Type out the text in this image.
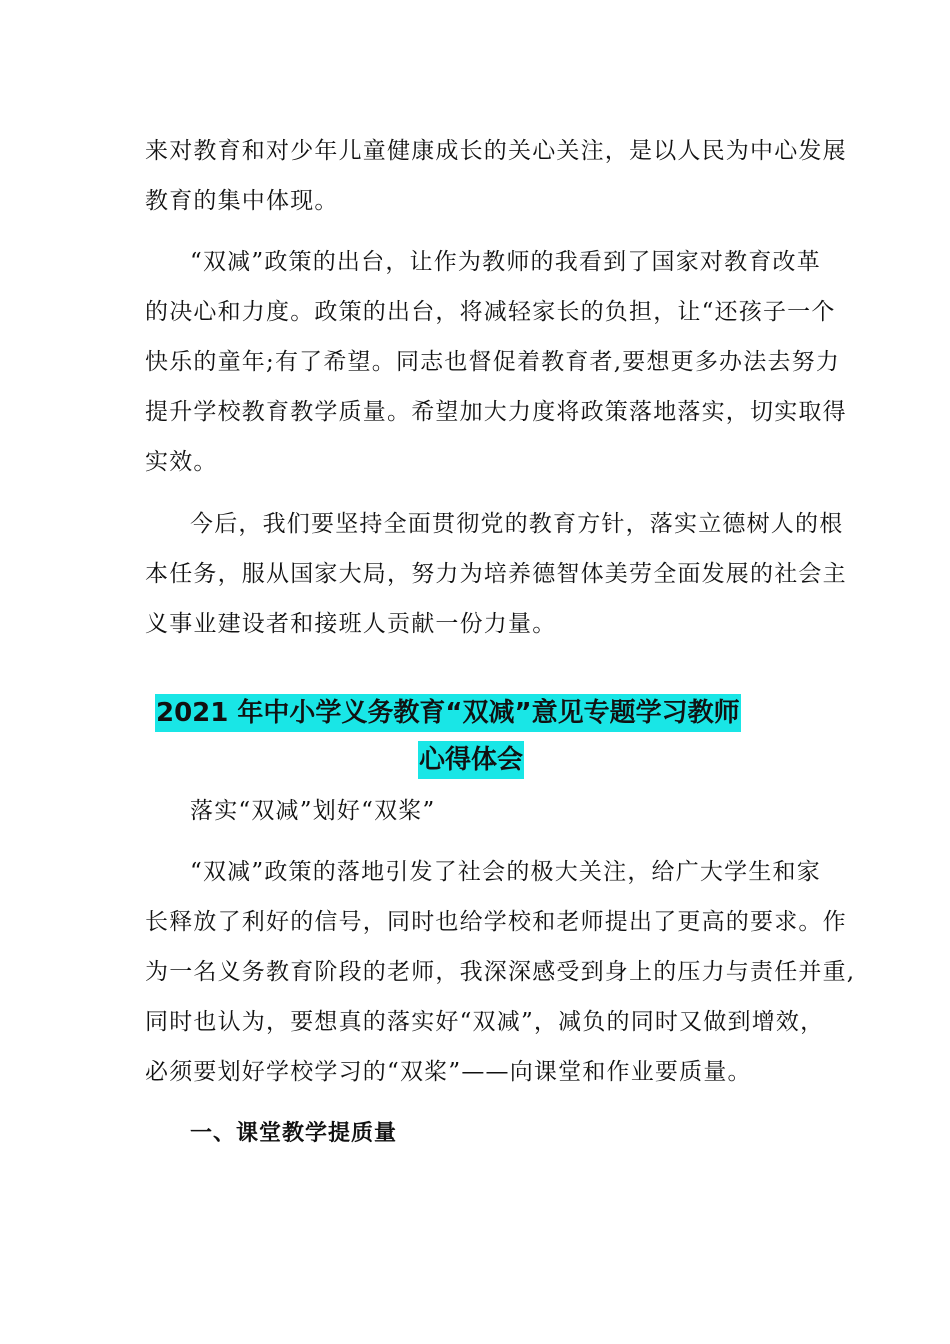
来对教育和对少年儿童健康成长的关心关注，是以人民为中心发展
教育的集中体现。
“双减”政策的出台，让作为教师的我看到了国家对教育改革
的决心和力度。政策的出台，将减轻家长的负担，让“还孩子一个
快乐的童年;有了希望。同志也督促着教育者,要想更多办法去努力
提升学校教育教学质量。希望加大力度将政策落地落实，切实取得
实效。
今后，我们要坚持全面贯彻党的教育方针，落实立德树人的根
本任务，服从国家大局，努力为培养德智体美劳全面发展的社会主
义事业建设者和接班人贡献一份力量。
2021 年中小学义务教育“双减”意见专题学习教师
心得体会
落实“双减”划好“双桨”
“双减”政策的落地引发了社会的极大关注，给广大学生和家
长释放了利好的信号，同时也给学校和老师提出了更高的要求。作
为一名义务教育阶段的老师，我深深感受到身上的压力与责任并重,
同时也认为，要想真的落实好“双减”，减负的同时又做到增效，
必须要划好学校学习的“双桨”——向课堂和作业要质量。
一、课堂教学提质量
